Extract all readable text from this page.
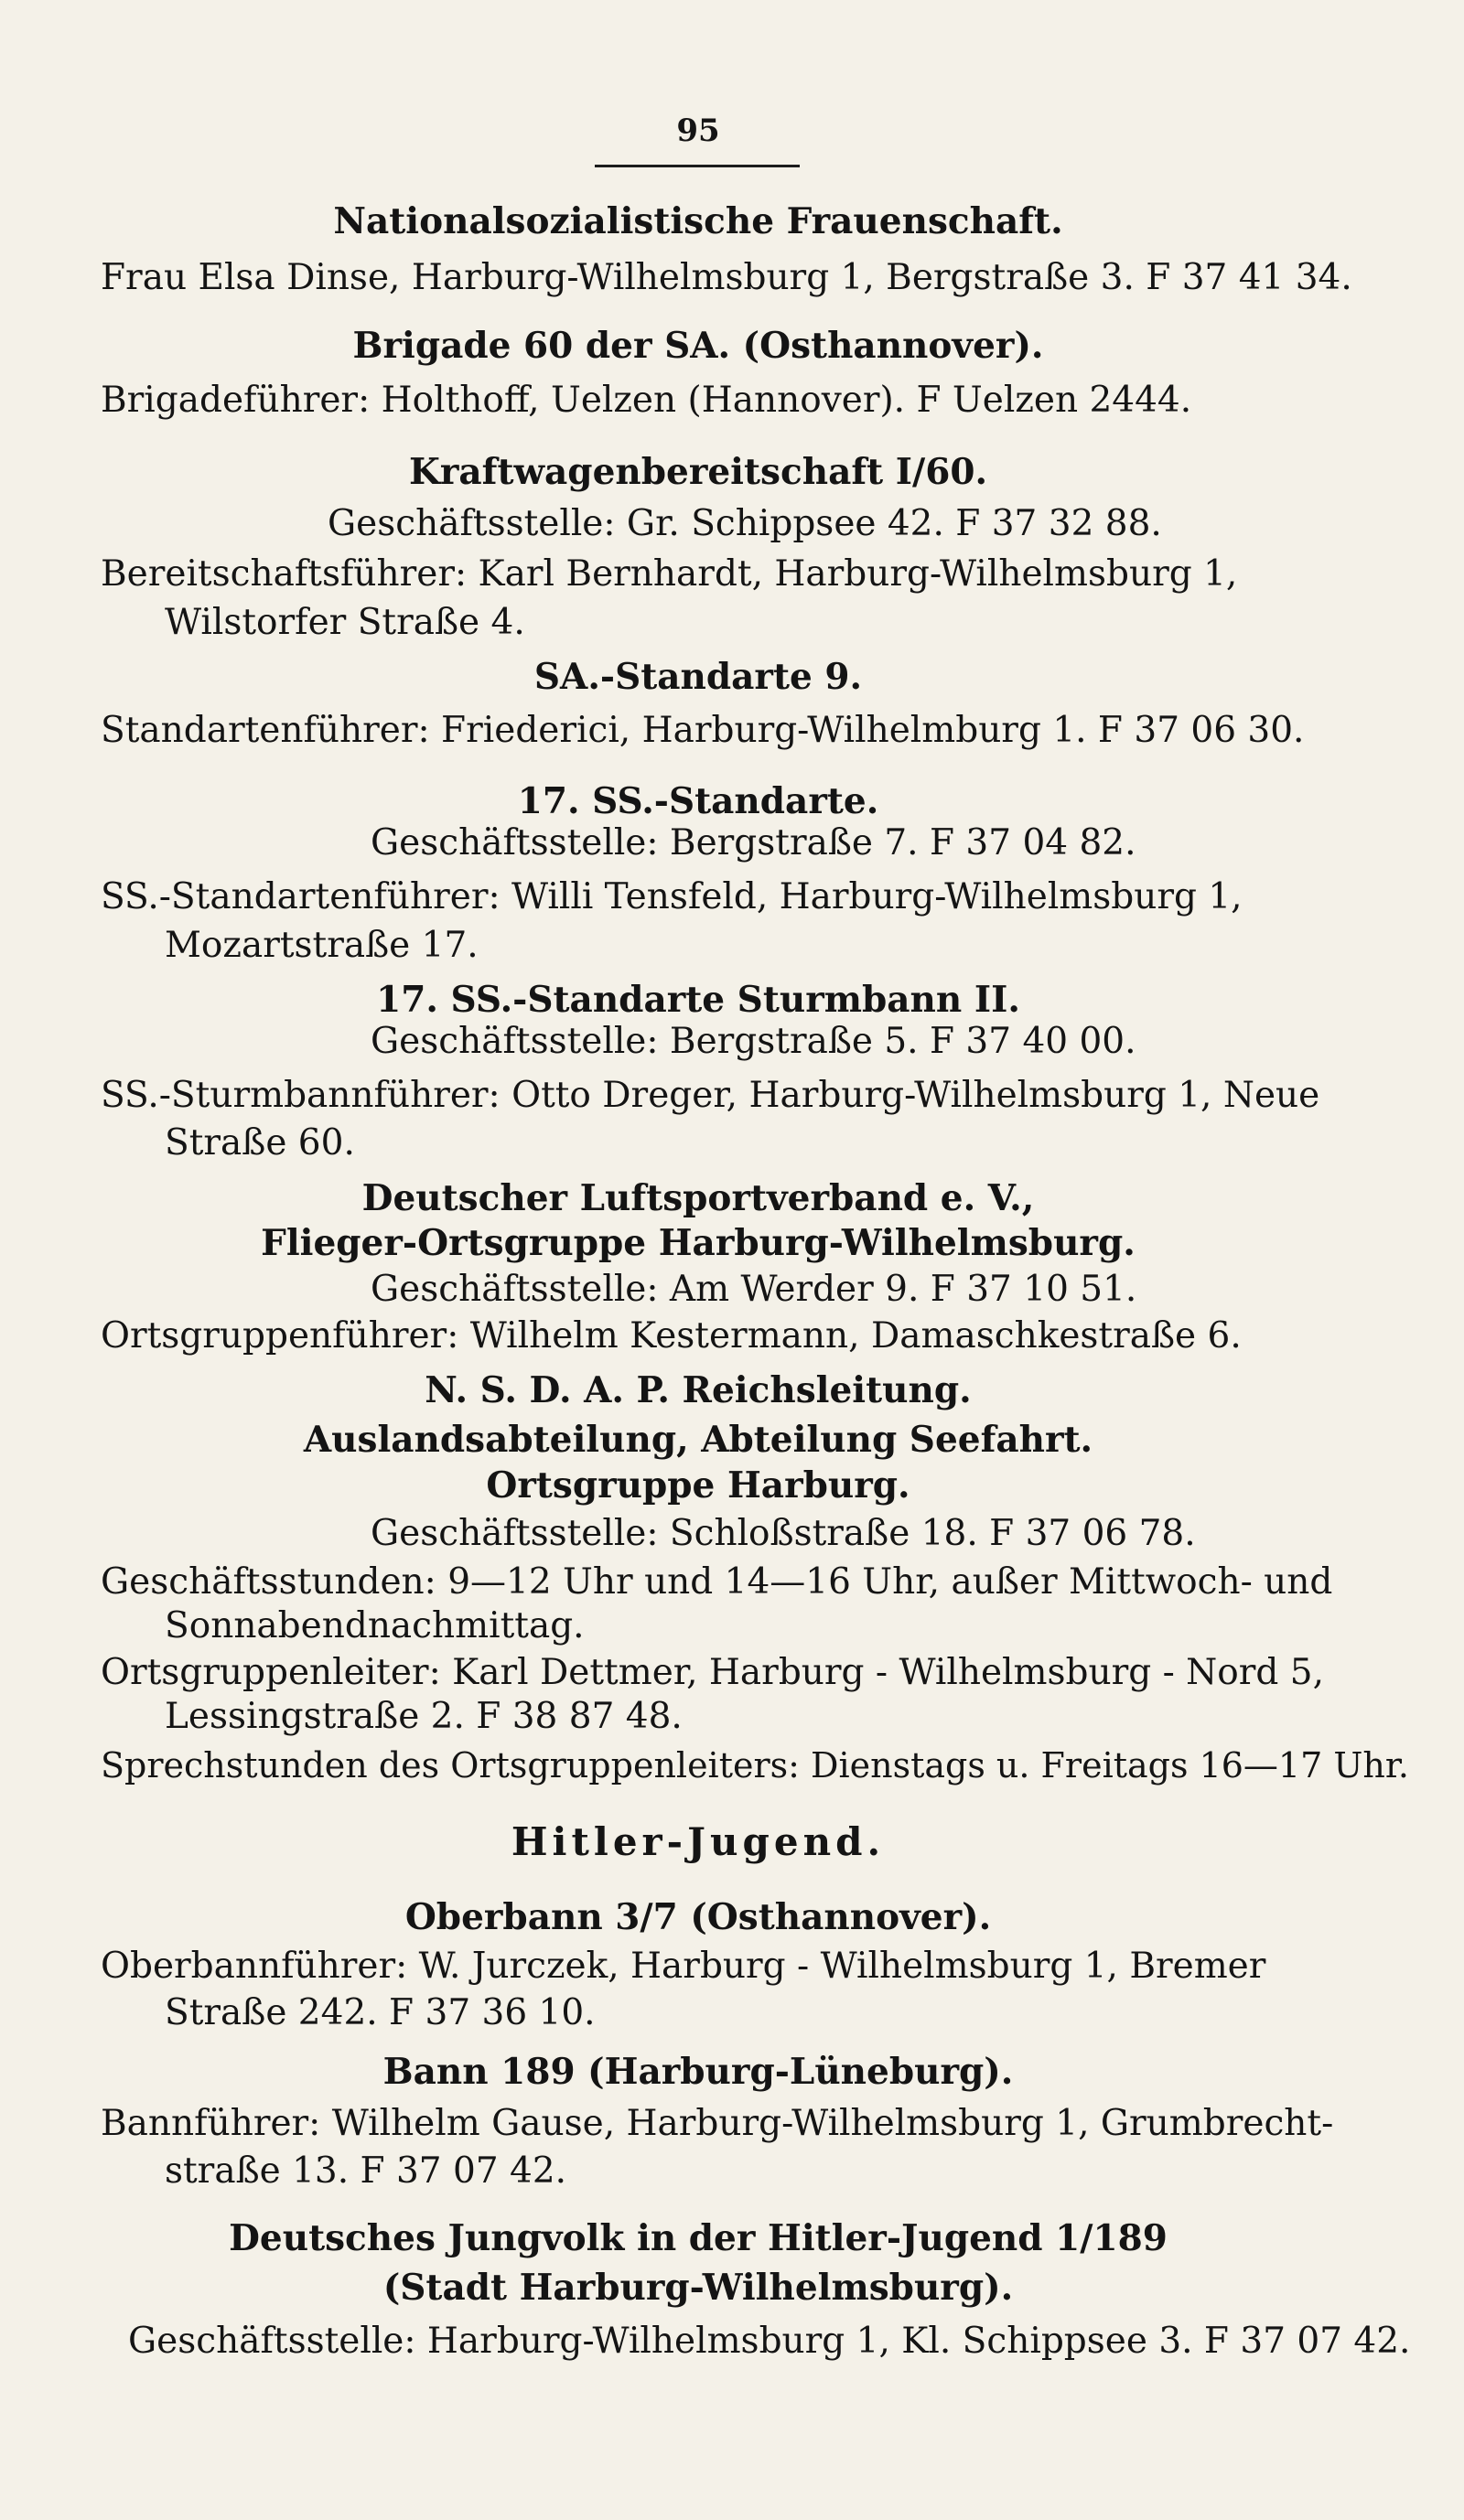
95
Nationalsozialistische Frauenschaft.
Frau Elsa Dinse, Harburg-Wilhelmsburg 1, Bergstraße 3. F 37 41 34.
Brigade 60 der SA. (Osthannover).
Brigadeführer: Holthoff, Uelzen (Hannover). F Uelzen 2444.
Kraftwagenbereitschaft I/60.
Geschäftsstelle: Gr. Schippsee 42. F 37 32 88.
Bereitschaftsführer: Karl Bernhardt, Harburg-Wilhelmsburg 1,
Wilstorfer Straße 4.
SA.-Standarte 9.
Standartenführer: Friederici, Harburg-Wilhelmburg 1. F 37 06 30.
17. SS.-Standarte.
Geschäftsstelle: Bergstraße 7. F 37 04 82.
SS.-Standartenführer: Willi Tensfeld, Harburg-Wilhelmsburg 1,
Mozartstraße 17.
17. SS.-Standarte Sturmbann II.
Geschäftsstelle: Bergstraße 5. F 37 40 00.
SS.-Sturmbannführer: Otto Dreger, Harburg-Wilhelmsburg 1, Neue
Straße 60.
Deutscher Luftsportverband e. V.,
Flieger-Ortsgruppe Harburg-Wilhelmsburg.
Geschäftsstelle: Am Werder 9. F 37 10 51.
Ortsgruppenführer: Wilhelm Kestermann, Damaschkestraße 6.
N. S. D. A. P. Reichsleitung.
Auslandsabteilung, Abteilung Seefahrt.
Ortsgruppe Harburg.
Geschäftsstelle: Schloßstraße 18. F 37 06 78.
Geschäftsstunden: 9—12 Uhr und 14—16 Uhr, außer Mittwoch- und
Sonnabendnachmittag.
Ortsgruppenleiter: Karl Dettmer, Harburg - Wilhelmsburg - Nord 5,
Lessingstraße 2. F 38 87 48.
Sprechstunden des Ortsgruppenleiters: Dienstags u. Freitags 16—17 Uhr.
Hitler-Jugend.
Oberbann 3/7 (Osthannover).
Oberbannführer: W. Jurczek, Harburg - Wilhelmsburg 1, Bremer
Straße 242. F 37 36 10.
Bann 189 (Harburg-Lüneburg).
Bannführer: Wilhelm Gause, Harburg-Wilhelmsburg 1, Grumbrecht-
straße 13. F 37 07 42.
Deutsches Jungvolk in der Hitler-Jugend 1/189
(Stadt Harburg-Wilhelmsburg).
Geschäftsstelle: Harburg-Wilhelmsburg 1, Kl. Schippsee 3. F 37 07 42.
